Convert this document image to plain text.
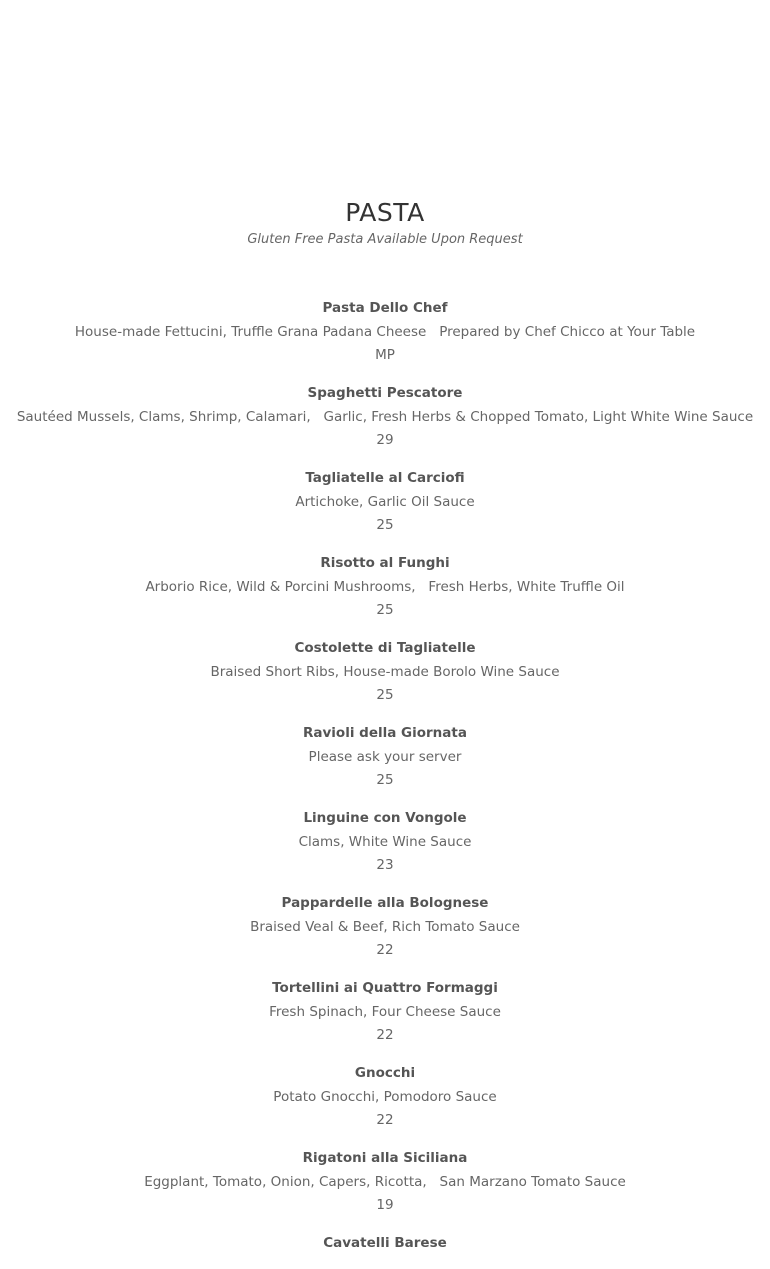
PASTA

Gluten Free Pasta Available Upon Request

Pasta Dello Chef
House-made Fettucini, Truffle Grana Padana Cheese   Prepared by Chef Chicco at Your Table
MP
Spaghetti Pescatore
Sautéed Mussels, Clams, Shrimp, Calamari,   Garlic, Fresh Herbs & Chopped Tomato, Light White Wine Sauce
29
Tagliatelle al Carciofi
Artichoke, Garlic Oil Sauce
25
Risotto al Funghi
Arborio Rice, Wild & Porcini Mushrooms,   Fresh Herbs, White Truffle Oil
25
Costolette di Tagliatelle
Braised Short Ribs, House-made Borolo Wine Sauce
25
Ravioli della Giornata
Please ask your server
25
Linguine con Vongole
Clams, White Wine Sauce
23
Pappardelle alla Bolognese
Braised Veal & Beef, Rich Tomato Sauce
22
Tortellini ai Quattro Formaggi
Fresh Spinach, Four Cheese Sauce
22
Gnocchi
Potato Gnocchi, Pomodoro Sauce
22
Rigatoni alla Siciliana
Eggplant, Tomato, Onion, Capers, Ricotta,   San Marzano Tomato Sauce
19
Cavatelli Barese
